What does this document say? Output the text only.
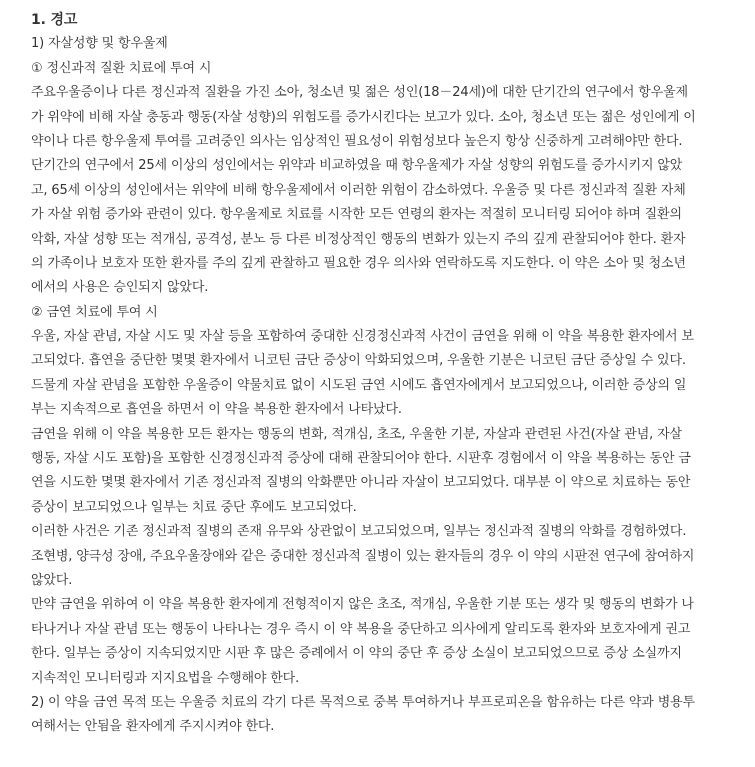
1. 경고
1) 자살성향 및 항우울제
① 정신과적 질환 치료에 투여 시
주요우울증이나 다른 정신과적 질환을 가진 소아, 청소년 및 젊은 성인(18－24세)에 대한 단기간의 연구에서 항우울제
가 위약에 비해 자살 충동과 행동(자살 성향)의 위험도를 증가시킨다는 보고가 있다. 소아, 청소년 또는 젊은 성인에게 이
약이나 다른 항우울제 투여를 고려중인 의사는 임상적인 필요성이 위험성보다 높은지 항상 신중하게 고려해야만 한다.
단기간의 연구에서 25세 이상의 성인에서는 위약과 비교하였을 때 항우울제가 자살 성향의 위험도를 증가시키지 않았
고, 65세 이상의 성인에서는 위약에 비해 항우울제에서 이러한 위험이 감소하였다. 우울증 및 다른 정신과적 질환 자체
가 자살 위험 증가와 관련이 있다. 항우울제로 치료를 시작한 모든 연령의 환자는 적절히 모니터링 되어야 하며 질환의
악화, 자살 성향 또는 적개심, 공격성, 분노 등 다른 비정상적인 행동의 변화가 있는지 주의 깊게 관찰되어야 한다. 환자
의 가족이나 보호자 또한 환자를 주의 깊게 관찰하고 필요한 경우 의사와 연락하도록 지도한다. 이 약은 소아 및 청소년
에서의 사용은 승인되지 않았다.
② 금연 치료에 투여 시
우울, 자살 관념, 자살 시도 및 자살 등을 포함하여 중대한 신경정신과적 사건이 금연을 위해 이 약을 복용한 환자에서 보
고되었다. 흡연을 중단한 몇몇 환자에서 니코틴 금단 증상이 악화되었으며, 우울한 기분은 니코틴 금단 증상일 수 있다.
드물게 자살 관념을 포함한 우울증이 약물치료 없이 시도된 금연 시에도 흡연자에게서 보고되었으나, 이러한 증상의 일
부는 지속적으로 흡연을 하면서 이 약을 복용한 환자에서 나타났다.
금연을 위해 이 약을 복용한 모든 환자는 행동의 변화, 적개심, 초조, 우울한 기분, 자살과 관련된 사건(자살 관념, 자살
행동, 자살 시도 포함)을 포함한 신경정신과적 증상에 대해 관찰되어야 한다. 시판후 경험에서 이 약을 복용하는 동안 금
연을 시도한 몇몇 환자에서 기존 정신과적 질병의 악화뿐만 아니라 자살이 보고되었다. 대부분 이 약으로 치료하는 동안
증상이 보고되었으나 일부는 치료 중단 후에도 보고되었다.
이러한 사건은 기존 정신과적 질병의 존재 유무와 상관없이 보고되었으며, 일부는 정신과적 질병의 악화를 경험하였다.
조현병, 양극성 장애, 주요우울장애와 같은 중대한 정신과적 질병이 있는 환자들의 경우 이 약의 시판전 연구에 참여하지
않았다.
만약 금연을 위하여 이 약을 복용한 환자에게 전형적이지 않은 초조, 적개심, 우울한 기분 또는 생각 및 행동의 변화가 나
타나거나 자살 관념 또는 행동이 나타나는 경우 즉시 이 약 복용을 중단하고 의사에게 알리도록 환자와 보호자에게 권고
한다. 일부는 증상이 지속되었지만 시판 후 많은 증례에서 이 약의 중단 후 증상 소실이 보고되었으므로 증상 소실까지
지속적인 모니터링과 지지요법을 수행해야 한다.
2) 이 약을 금연 목적 또는 우울증 치료의 각기 다른 목적으로 중복 투여하거나 부프로피온을 함유하는 다른 약과 병용투
여해서는 안됨을 환자에게 주지시켜야 한다.
